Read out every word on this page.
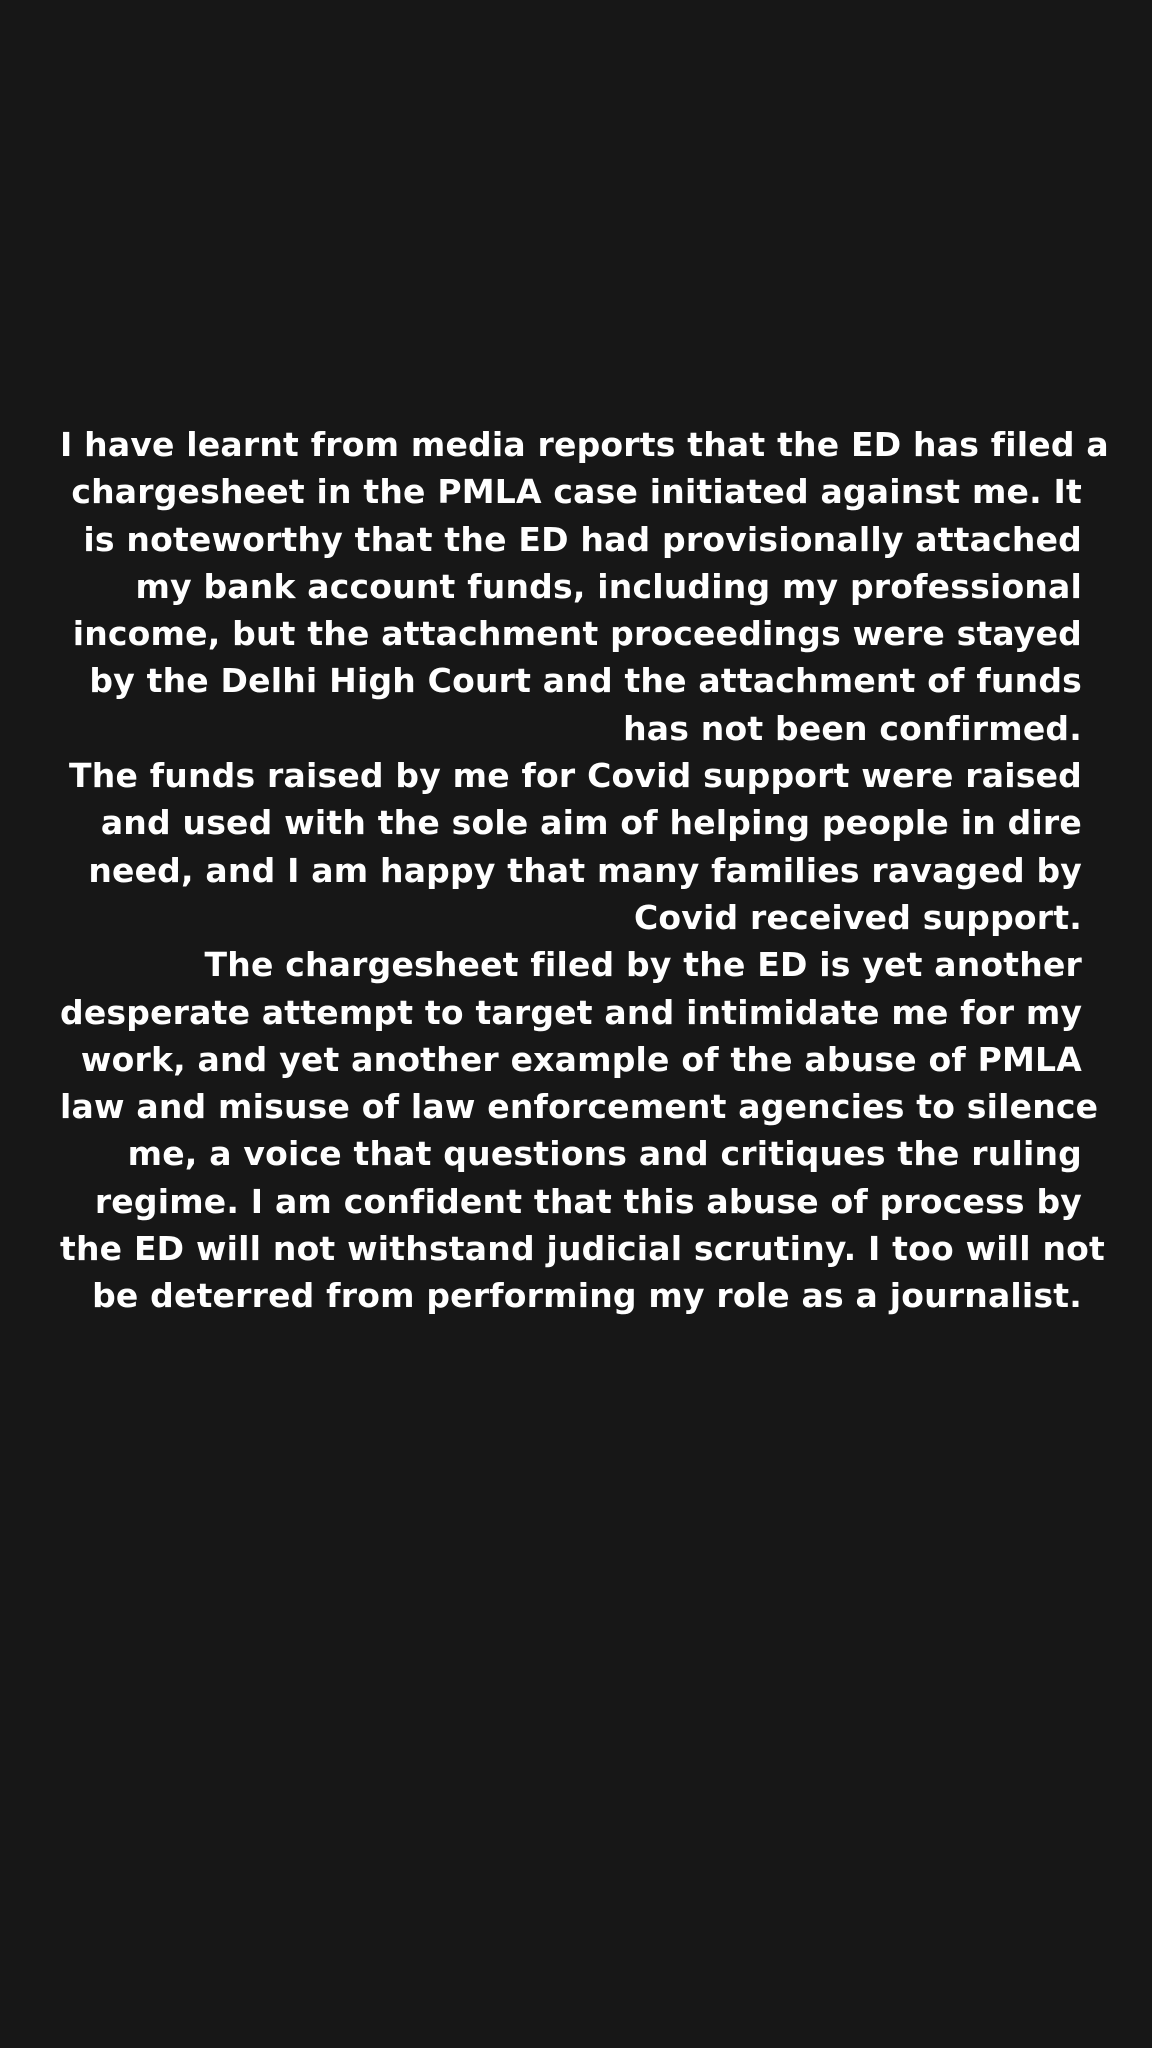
I have learnt from media reports that the ED has filed a
chargesheet in the PMLA case initiated against me. It
is noteworthy that the ED had provisionally attached
my bank account funds, including my professional
income, but the attachment proceedings were stayed
by the Delhi High Court and the attachment of funds
has not been confirmed.
The funds raised by me for Covid support were raised
and used with the sole aim of helping people in dire
need, and I am happy that many families ravaged by
Covid received support.
The chargesheet filed by the ED is yet another
desperate attempt to target and intimidate me for my
work, and yet another example of the abuse of PMLA
law and misuse of law enforcement agencies to silence
me, a voice that questions and critiques the ruling
regime. I am confident that this abuse of process by
the ED will not withstand judicial scrutiny. I too will not
be deterred from performing my role as a journalist.
